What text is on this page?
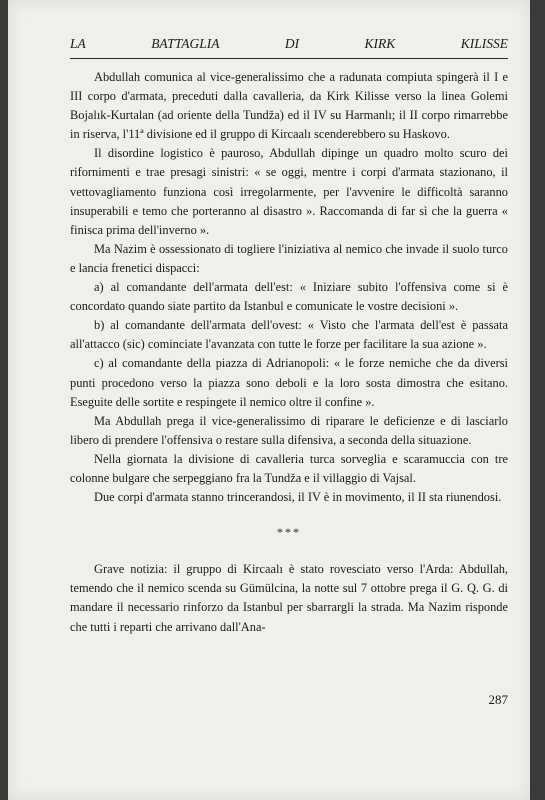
LA	BATTAGLIA	DI	KIRK	KILISSE

Abdullah comunica al vice-generalissimo che a radunata compiuta spingerà il I e III corpo d'armata, preceduti dalla cavalleria, da Kirk Kilisse verso la linea Golemi Bojalık-Kurtalan (ad oriente della Tundža) ed il IV su Harmanlı; il II corpo rimarrebbe in riserva, l'11ª divisione ed il gruppo di Kircaalı scenderebbero su Haskovo.

Il disordine logistico è pauroso, Abdullah dipinge un quadro molto scuro dei rifornimenti e trae presagi sinistri: « se oggi, mentre i corpi d'armata stazionano, il vettovagliamento funziona così irregolarmente, per l'avvenire le difficoltà saranno insuperabili e temo che porteranno al disastro ». Raccomanda di far sì che la guerra « finisca prima dell'inverno ».

Ma Nazim è ossessionato di togliere l'iniziativa al nemico che invade il suolo turco e lancia frenetici dispacci:

a) al comandante dell'armata dell'est: « Iniziare subito l'offensiva come si è concordato quando siate partito da Istanbul e comunicate le vostre decisioni ».

b) al comandante dell'armata dell'ovest: « Visto che l'armata dell'est è passata all'attacco (sic) cominciate l'avanzata con tutte le forze per facilitare la sua azione ».

c) al comandante della piazza di Adrianopoli: « le forze nemiche che da diversi punti procedono verso la piazza sono deboli e la loro sosta dimostra che esitano. Eseguite delle sortite e respingete il nemico oltre il confine ».

Ma Abdullah prega il vice-generalissimo di riparare le deficienze e di lasciarlo libero di prendere l'offensiva o restare sulla difensiva, a seconda della situazione.

Nella giornata la divisione di cavalleria turca sorveglia e scaramuccia con tre colonne bulgare che serpeggiano fra la Tundža e il villaggio di Vajsal.

Due corpi d'armata stanno trincerandosi, il IV è in movimento, il II sta riunendosi.

***

Grave notizia: il gruppo di Kircaalı è stato rovesciato verso l'Arda: Abdullah, temendo che il nemico scenda su Gümülcina, la notte sul 7 ottobre prega il G. Q. G. di mandare il necessario rinforzo da Istanbul per sbarrargli la strada. Ma Nazim risponde che tutti i reparti che arrivano dall'Ana-

287
